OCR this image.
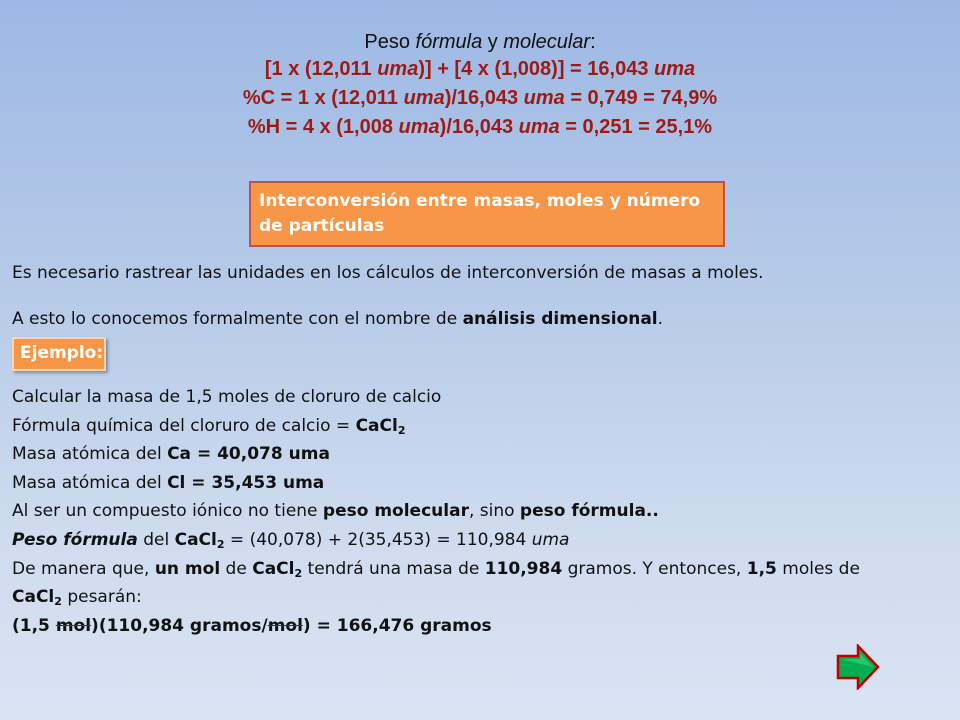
Peso fórmula y molecular:
[1 x (12,011 uma)] + [4 x (1,008)] = 16,043 uma
%C = 1 x (12,011 uma)/16,043 uma = 0,749 = 74,9%
%H = 4 x (1,008 uma)/16,043 uma = 0,251 = 25,1%
Interconversión entre masas, moles y número
de partículas
Es necesario rastrear las unidades en los cálculos de interconversión de masas a moles.
A esto lo conocemos formalmente con el nombre de análisis dimensional.
Ejemplo:
Calcular la masa de 1,5 moles de cloruro de calcio
Fórmula química del cloruro de calcio = CaCl$_2$
Masa atómica del Ca = 40,078 uma
Masa atómica del Cl = 35,453 uma
Al ser un compuesto iónico no tiene peso molecular, sino peso fórmula..
Peso fórmula del CaCl$_2$ = (40,078) + 2(35,453) = 110,984 uma
De manera que, un mol de CaCl$_2$ tendrá una masa de 110,984 gramos. Y entonces, 1,5 moles de
CaCl$_2$ pesarán:
(1,5 mol)(110,984 gramos/mol) = 166,476 gramos
